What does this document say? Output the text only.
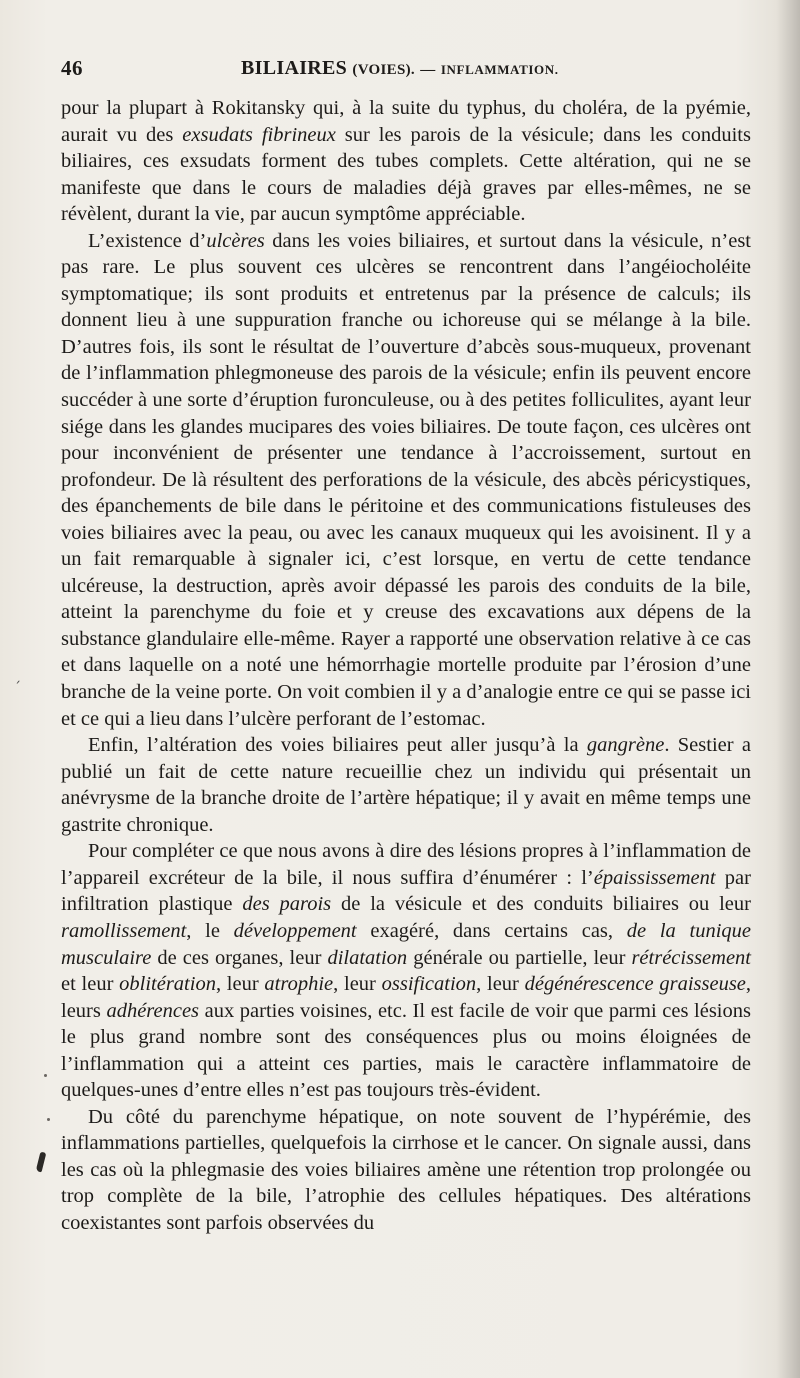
46	BILIAIRES (VOIES). — INFLAMMATION.

pour la plupart à Rokitansky qui, à la suite du typhus, du choléra, de la pyémie, aurait vu des exsudats fibrineux sur les parois de la vésicule; dans les conduits biliaires, ces exsudats forment des tubes complets. Cette altération, qui ne se manifeste que dans le cours de maladies déjà graves par elles-mêmes, ne se révèlent, durant la vie, par aucun symptôme appréciable.

L’existence d’ulcères dans les voies biliaires, et surtout dans la vésicule, n’est pas rare. Le plus souvent ces ulcères se rencontrent dans l’angéiocholéite symptomatique; ils sont produits et entretenus par la présence de calculs; ils donnent lieu à une suppuration franche ou ichoreuse qui se mélange à la bile. D’autres fois, ils sont le résultat de l’ouverture d’abcès sous-muqueux, provenant de l’inflammation phlegmoneuse des parois de la vésicule; enfin ils peuvent encore succéder à une sorte d’éruption furonculeuse, ou à des petites folliculites, ayant leur siége dans les glandes mucipares des voies biliaires. De toute façon, ces ulcères ont pour inconvénient de présenter une tendance à l’accroissement, surtout en profondeur. De là résultent des perforations de la vésicule, des abcès péricystiques, des épanchements de bile dans le péritoine et des communications fistuleuses des voies biliaires avec la peau, ou avec les canaux muqueux qui les avoisinent. Il y a un fait remarquable à signaler ici, c’est lorsque, en vertu de cette tendance ulcéreuse, la destruction, après avoir dépassé les parois des conduits de la bile, atteint la parenchyme du foie et y creuse des excavations aux dépens de la substance glandulaire elle-même. Rayer a rapporté une observation relative à ce cas et dans laquelle on a noté une hémorrhagie mortelle produite par l’érosion d’une branche de la veine porte. On voit combien il y a d’analogie entre ce qui se passe ici et ce qui a lieu dans l’ulcère perforant de l’estomac.

Enfin, l’altération des voies biliaires peut aller jusqu’à la gangrène. Sestier a publié un fait de cette nature recueillie chez un individu qui présentait un anévrysme de la branche droite de l’artère hépatique; il y avait en même temps une gastrite chronique.

Pour compléter ce que nous avons à dire des lésions propres à l’inflammation de l’appareil excréteur de la bile, il nous suffira d’énumérer : l’épaississement par infiltration plastique des parois de la vésicule et des conduits biliaires ou leur ramollissement, le développement exagéré, dans certains cas, de la tunique musculaire de ces organes, leur dilatation générale ou partielle, leur rétrécissement et leur oblitération, leur atrophie, leur ossification, leur dégénérescence graisseuse, leurs adhérences aux parties voisines, etc. Il est facile de voir que parmi ces lésions le plus grand nombre sont des conséquences plus ou moins éloignées de l’inflammation qui a atteint ces parties, mais le caractère inflammatoire de quelques-unes d’entre elles n’est pas toujours très-évident.

Du côté du parenchyme hépatique, on note souvent de l’hypérémie, des inflammations partielles, quelquefois la cirrhose et le cancer. On signale aussi, dans les cas où la phlegmasie des voies biliaires amène une rétention trop prolongée ou trop complète de la bile, l’atrophie des cellules hépatiques. Des altérations coexistantes sont parfois observées du

ˏ
